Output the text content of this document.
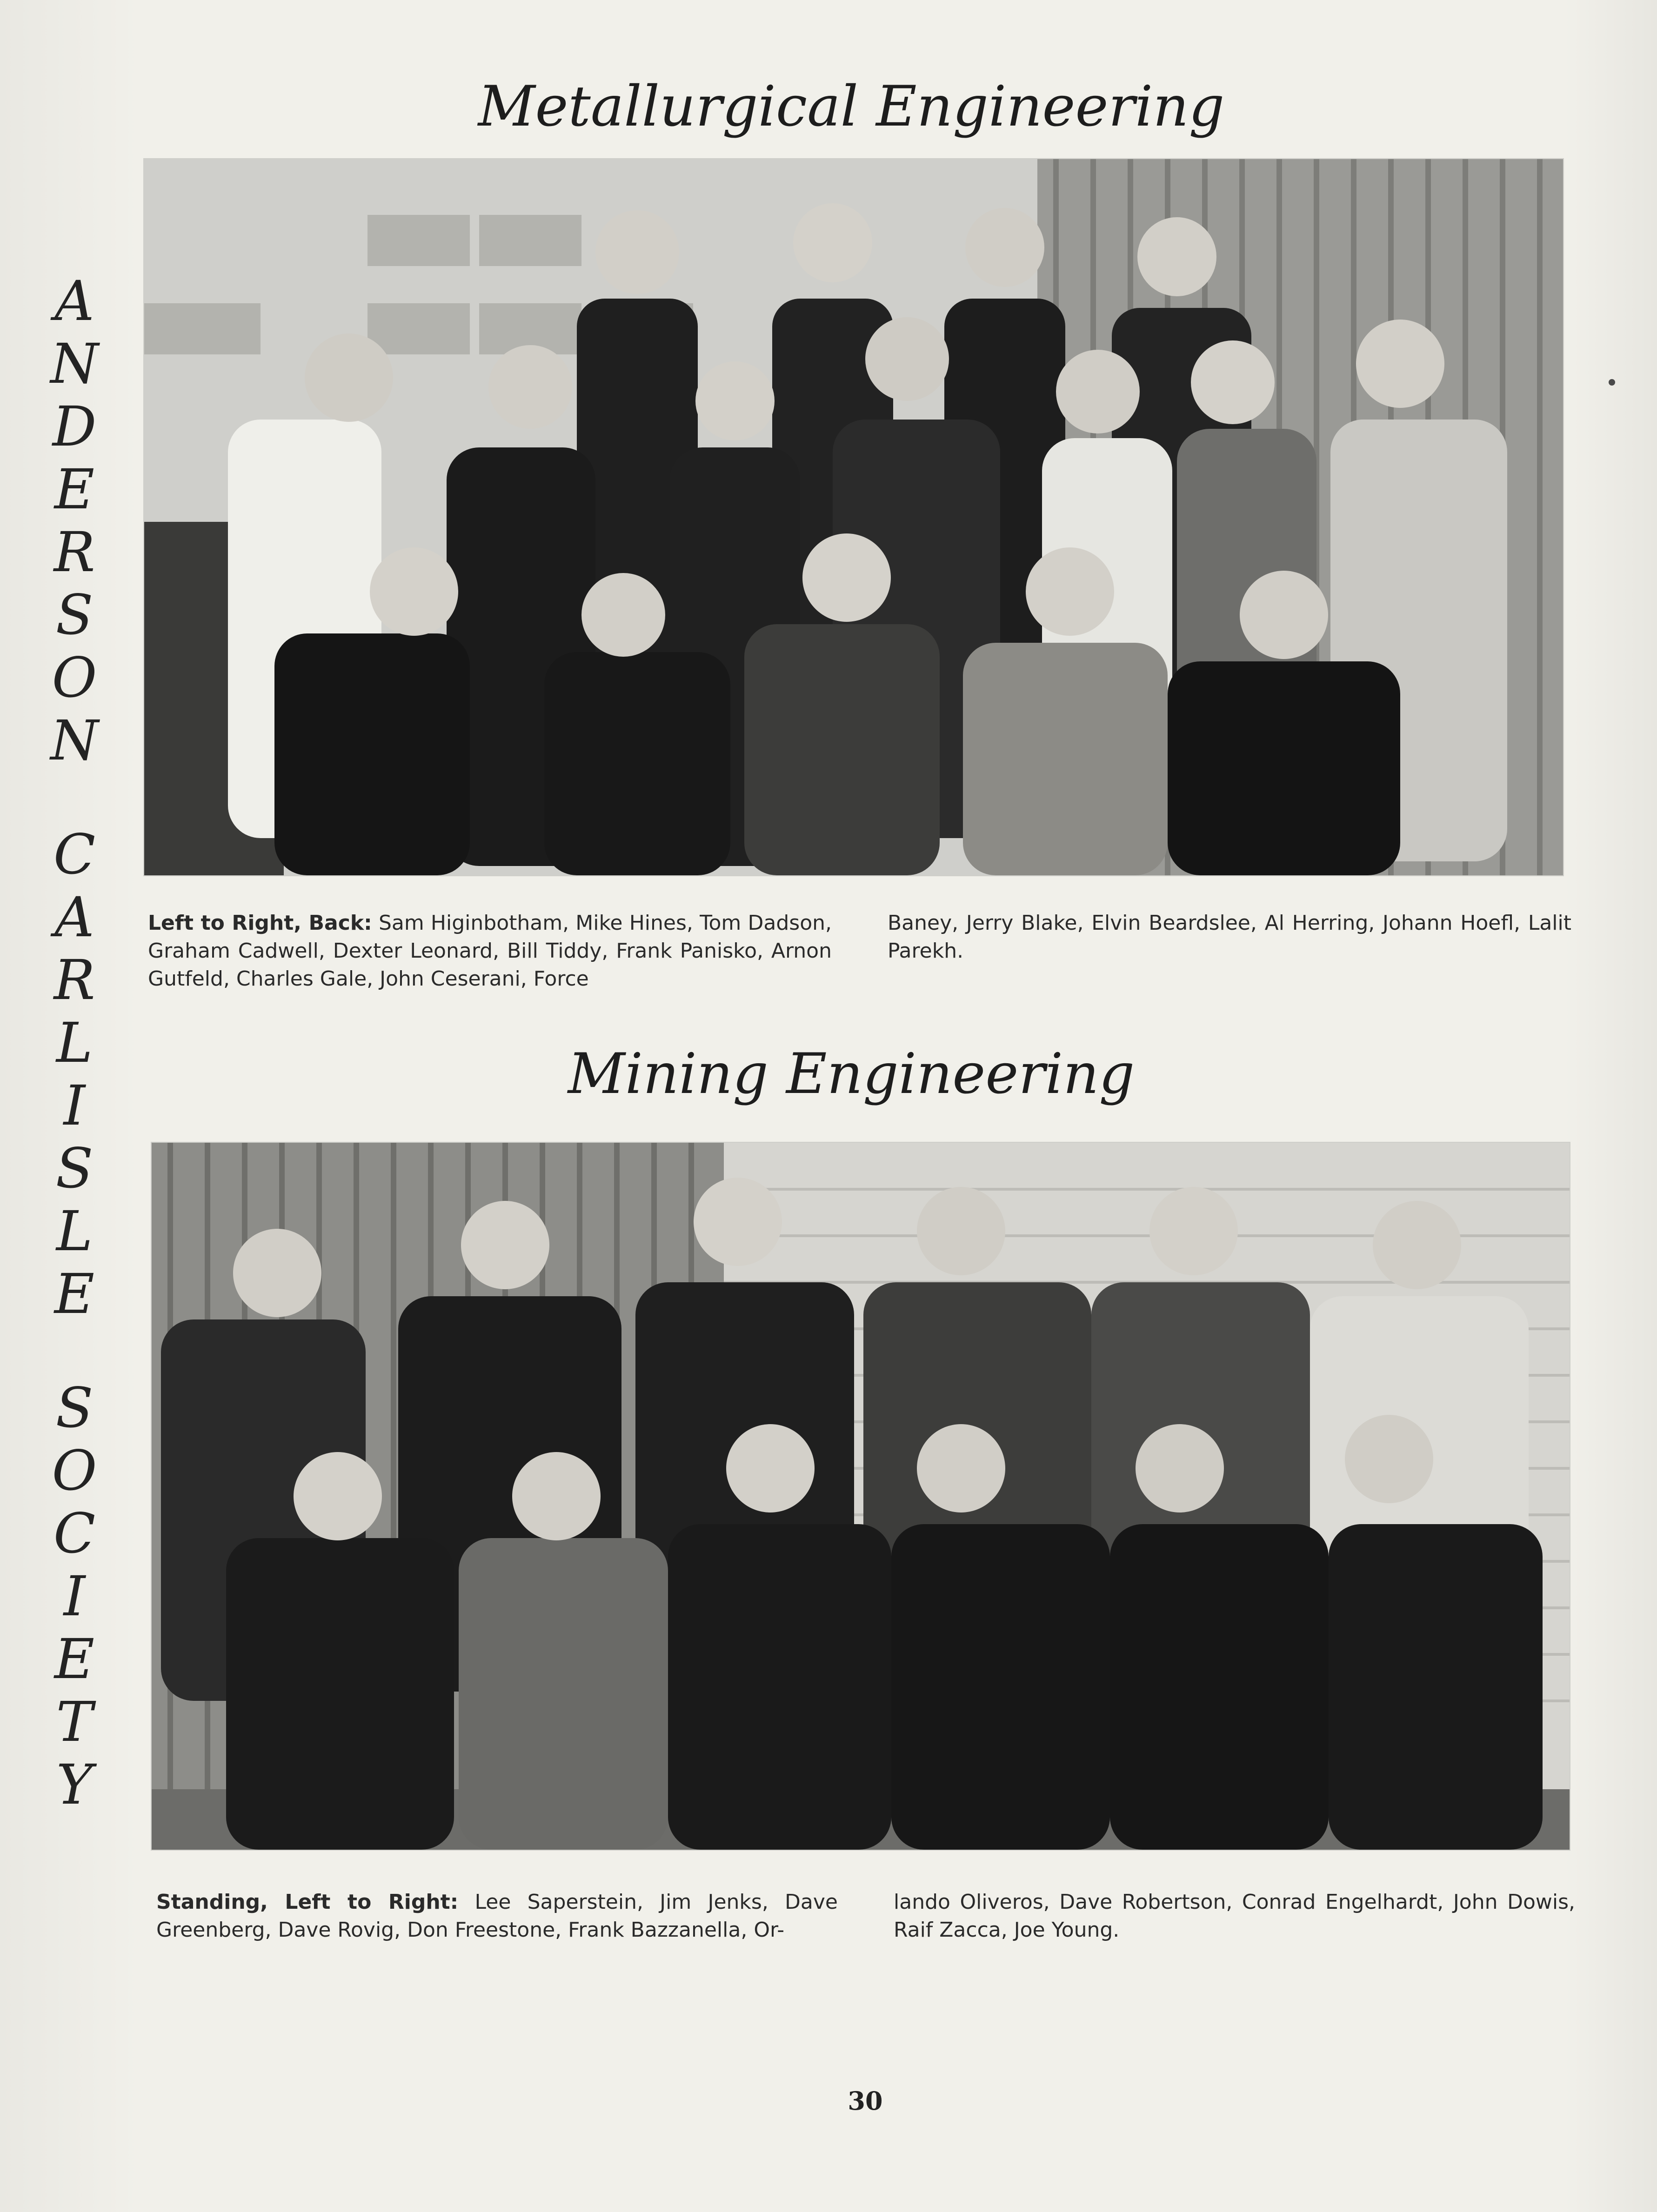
A
N
D
E
R
S
O
N
C
A
R
L
I
S
L
E
S
O
C
I
E
T
Y
Metallurgical Engineering
Left to Right, Back: Sam Higinbotham, Mike Hines, Tom Dadson, Graham Cadwell, Dexter Leonard, Bill Tiddy, Frank Panisko, Arnon Gutfeld, Charles Gale, John Ceserani, Force
Baney, Jerry Blake, Elvin Beardslee, Al Herring, Johann Hoefl, Lalit Parekh.
Mining Engineering
Standing, Left to Right: Lee Saperstein, Jim Jenks, Dave Greenberg, Dave Rovig, Don Freestone, Frank Bazzanella, Or-
lando Oliveros, Dave Robertson, Conrad Engelhardt, John Dowis, Raif Zacca, Joe Young.
30
